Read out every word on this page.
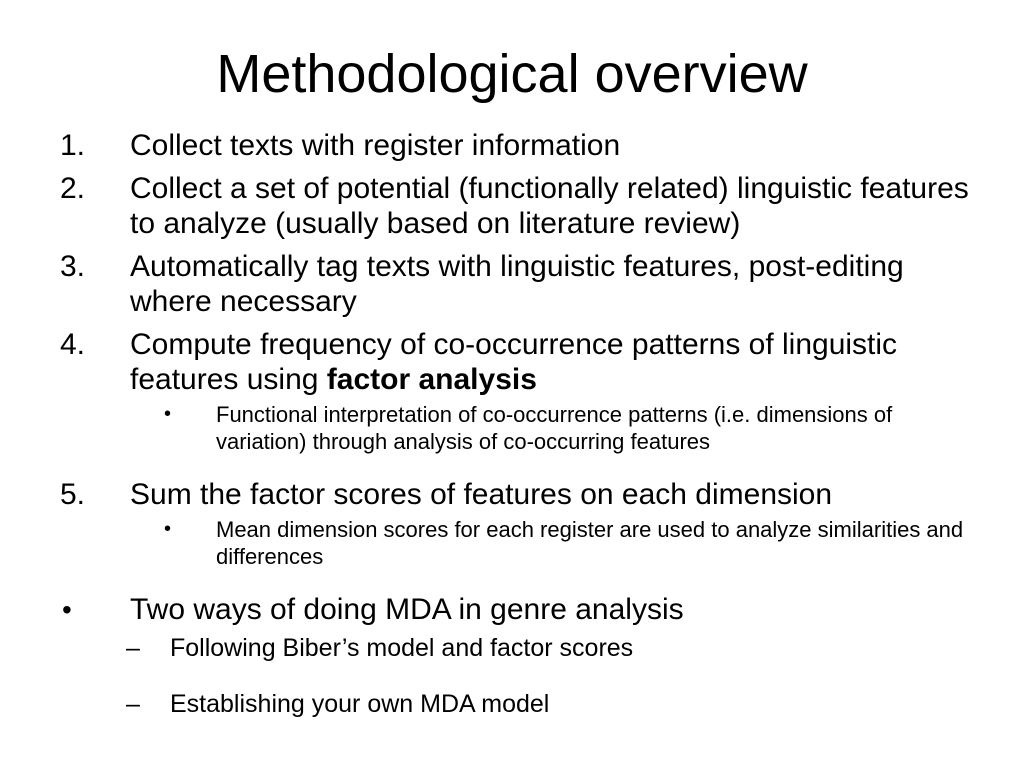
Methodological overview

1. Collect texts with register information

2. Collect a set of potential (functionally related) linguistic features to analyze (usually based on literature review)

3. Automatically tag texts with linguistic features, post-editing where necessary

4. Compute frequency of co-occurrence patterns of linguistic features using factor analysis

• Functional interpretation of co-occurrence patterns (i.e. dimensions of variation) through analysis of co-occurring features

5. Sum the factor scores of features on each dimension

• Mean dimension scores for each register are used to analyze similarities and differences

• Two ways of doing MDA in genre analysis

– Following Biber’s model and factor scores

– Establishing your own MDA model
